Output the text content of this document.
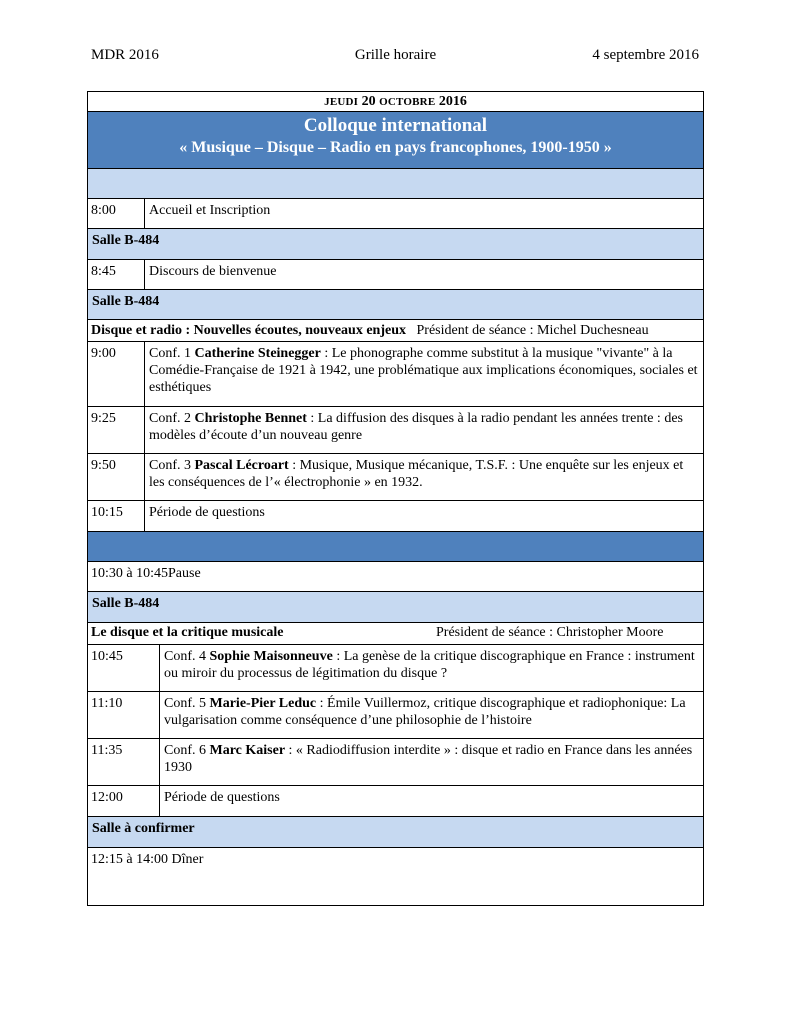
MDR 2016	Grille horaire	4 septembre 2016
JEUDI 20 OCTOBRE 2016
Colloque international
« Musique – Disque – Radio en pays francophones, 1900-1950 »
8:00	Accueil et Inscription
Salle B-484
8:45	Discours de bienvenue
Salle B-484
Disque et radio : Nouvelles écoutes, nouveaux enjeux Président de séance : Michel Duchesneau
9:00	Conf. 1 Catherine Steinegger : Le phonographe comme substitut à la musique "vivante" à la Comédie-Française de 1921 à 1942, une problématique aux implications économiques, sociales et esthétiques
9:25	Conf. 2 Christophe Bennet : La diffusion des disques à la radio pendant les années trente : des modèles d’écoute d’un nouveau genre
9:50	Conf. 3 Pascal Lécroart : Musique, Musique mécanique, T.S.F. : Une enquête sur les enjeux et les conséquences de l’« électrophonie » en 1932.
10:15	Période de questions
10:30 à 10:45Pause
Salle B-484
Le disque et la critique musicale	Président de séance : Christopher Moore
10:45	Conf. 4 Sophie Maisonneuve : La genèse de la critique discographique en France : instrument ou miroir du processus de légitimation du disque ?
11:10	Conf. 5 Marie-Pier Leduc : Émile Vuillermoz, critique discographique et radiophonique: La vulgarisation comme conséquence d’une philosophie de l’histoire
11:35	Conf. 6 Marc Kaiser : « Radiodiffusion interdite » : disque et radio en France dans les années 1930
12:00	Période de questions
Salle à confirmer
12:15 à 14:00 Dîner
